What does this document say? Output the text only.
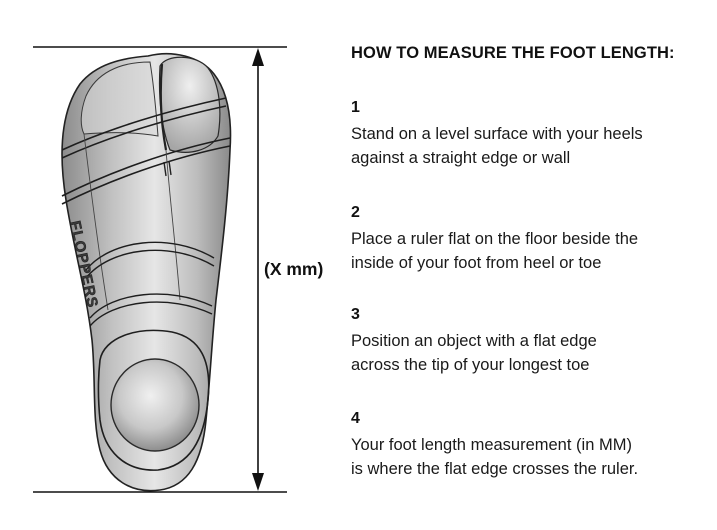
FLOPPERS	(X mm)
HOW TO MEASURE THE FOOT LENGTH:
1
Stand on a level surface with your heels
against a straight edge or wall
2
Place a ruler flat on the floor beside the
inside of your foot from heel or toe
3
Position an object with a flat edge
across the tip of your longest toe
4
Your foot length measurement (in MM)
is where the flat edge crosses the ruler.
